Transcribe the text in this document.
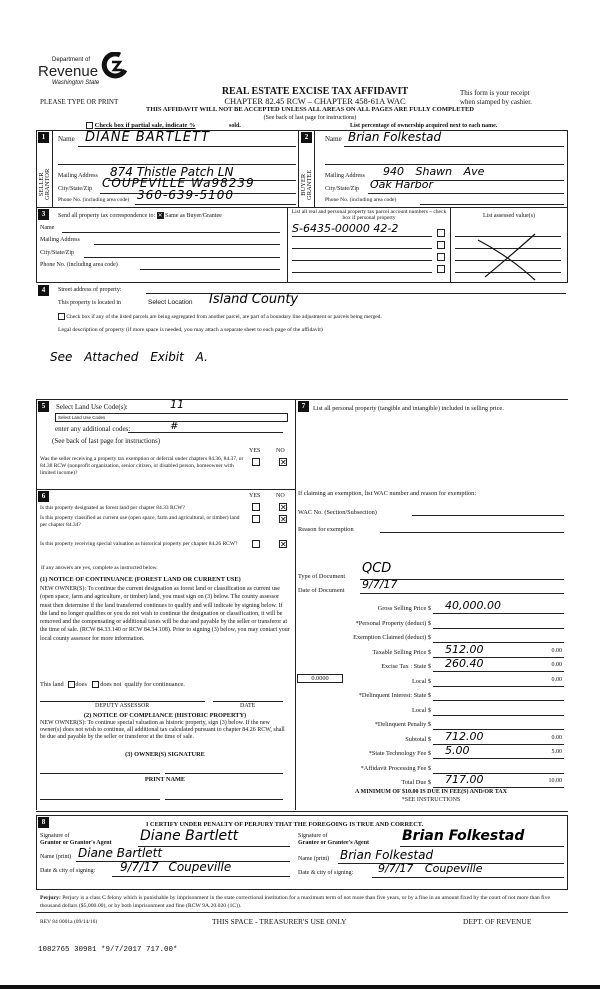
Department of
Revenue
Washington State
REAL ESTATE EXCISE TAX AFFIDAVIT
PLEASE TYPE OR PRINT	CHAPTER 82.45 RCW – CHAPTER 458-61A WAC
This form is your receipt
when stamped by cashier.
THIS AFFIDAVIT WILL NOT BE ACCEPTED UNLESS ALL AREAS ON ALL PAGES ARE FULLY COMPLETED
(See back of last page for instructions)
Check box if partial sale, indicate %	sold.	List percentage of ownership acquired next to each name.
1
SELLER GRANTOR
Name DIANE BARTLETT
Mailing Address 874 Thistle Patch LN
City/State/Zip COUPEVILLE Wa98239
Phone No. (including area code) 360-639-5100
2
BUYER GRANTEE
Name Brian Folkestad
Mailing Address 940 Shawn Ave
City/State/Zip Oak Harbor
Phone No. (including area code)
3	Send all property tax correspondence to: ✕ Same as Buyer/Grantee
Name
Mailing Address
City/State/Zip
Phone No. (including area code)
List all real and personal property tax parcel account numbers – check box if personal property
S-6435-00000 42-2
List assessed value(s)
4	Street address of property:
This property is located in	Select Location Island County
Check box if any of the listed parcels are being segregated from another parcel, are part of a boundary line adjustment or parcels being merged.
Legal description of property (if more space is needed, you may attach a separate sheet to each page of the affidavit)
See Attached Exibit A.
5	Select Land Use Code(s):	11
Select Land Use Codes
enter any additional codes:	#
(See back of last page for instructions)
YES	NO
Was the seller receiving a property tax exemption or deferral under chapters 84.36, 84.37, or 84.38 RCW (nonprofit organization, senior citizen, or disabled person, homeowner with limited income)?
✕
6	YES	NO
Is this property designated as forest land per chapter 84.33 RCW?	✕
Is this property classified as current use (open space, farm and agricultural, or timber) land per chapter 84.34?
✕
Is this property receiving special valuation as historical property per chapter 84.26 RCW?	✕
If any answers are yes, complete as instructed below.
(1) NOTICE OF CONTINUANCE (FOREST LAND OR CURRENT USE)
NEW OWNER(S): To continue the current designation as forest land or classification as current use (open space, farm and agriculture, or timber) land, you must sign on (3) below. The county assessor must then determine if the land transferred continues to qualify and will indicate by signing below. If the land no longer qualifies or you do not wish to continue the designation or classification, it will be removed and the compensating or additional taxes will be due and payable by the seller or transferor at the time of sale. (RCW 84.33.140 or RCW 84.34.108). Prior to signing (3) below, you may contact your local county assessor for more information.
This land does does not qualify for continuance.
DEPUTY ASSESSOR	DATE
(2) NOTICE OF COMPLIANCE (HISTORIC PROPERTY)
NEW OWNER(S): To continue special valuation as historic property, sign (3) below. If the new owner(s) does not wish to continue, all additional tax calculated pursuant to chapter 84.26 RCW, shall be due and payable by the seller or transferor at the time of sale.
(3) OWNER(S) SIGNATURE
PRINT NAME
7	List all personal property (tangible and intangible) included in selling price.
If claiming an exemption, list WAC number and reason for exemption:
WAC No. (Section/Subsection)
Reason for exemption
Type of Document
QCD
Date of Document 9/7/17
Gross Selling Price $ 40,000.00
*Personal Property (deduct) $
Exemption Claimed (deduct) $
Taxable Selling Price $ 512.00	0.00
Excise Tax : State $ 260.40	0.00
Local $	0.00
*Delinquent Interest: State $
Local $
*Delinquent Penalty $
Subtotal $ 712.00	0.00
*State Technology Fee $ 5.00	5.00
*Affidavit Processing Fee $
Total Due $ 717.00	10.00
0.0000
A MINIMUM OF $10.00 IS DUE IN FEE(S) AND/OR TAX
*SEE INSTRUCTIONS
8	I CERTIFY UNDER PENALTY OF PERJURY THAT THE FOREGOING IS TRUE AND CORRECT.
Signature of
Grantor or Grantor's Agent Diane Bartlett	Signature of
Grantee or Grantee's Agent Brian Folkestad
Name (print) Diane Bartlett	Name (print) Brian Folkestad
Date & city of signing: 9/7/17 Coupeville	Date & city of signing: 9/7/17 Coupeville
Perjury: Perjury is a class C felony which is punishable by imprisonment in the state correctional institution for a maximum term of not more than five years, or by a fine in an amount fixed by the court of not more than five thousand dollars ($5,000.00), or by both imprisonment and fine (RCW 9A.20.020 (1C)).
REV 84 0001a (09/14/16)	THIS SPACE - TREASURER'S USE ONLY	DEPT. OF REVENUE
1082765 30981 *9/7/2017 717.00*
